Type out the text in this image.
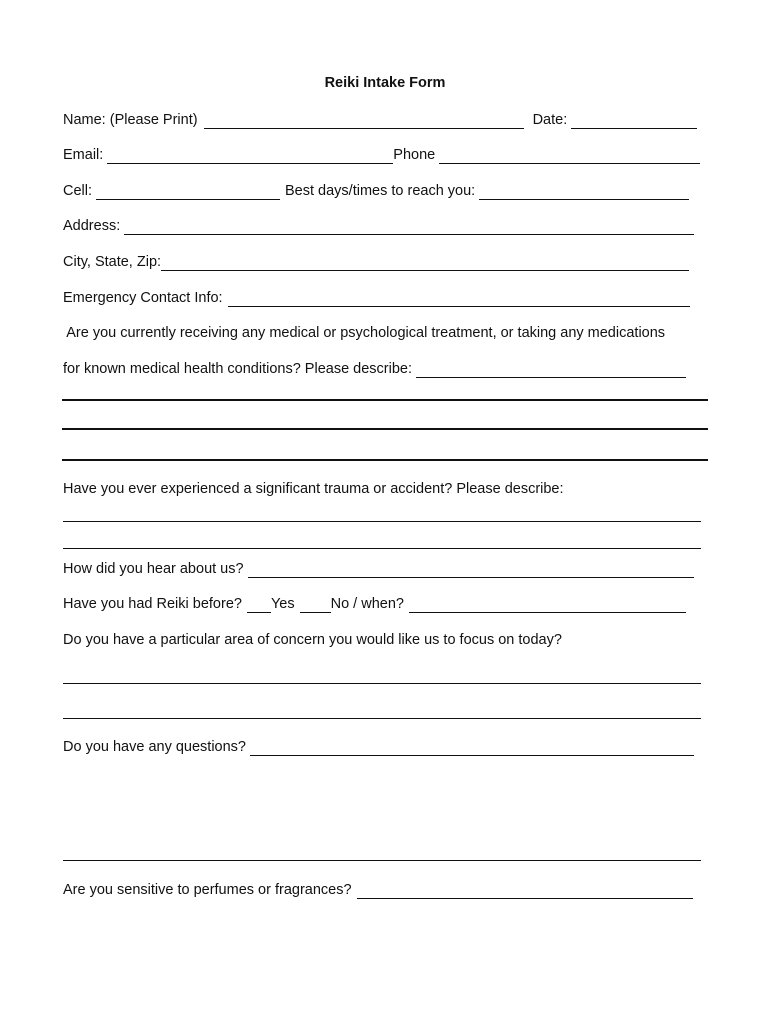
Reiki Intake Form
Name: (Please Print)	Date:
Email:	Phone
Cell:	Best days/times to reach you:
Address:
City, State, Zip:
Emergency Contact Info:
Are you currently receiving any medical or psychological treatment, or taking any medications
for known medical health conditions? Please describe:
Have you ever experienced a significant trauma or accident? Please describe:
How did you hear about us?
Have you had Reiki before? Yes No / when?
Do you have a particular area of concern you would like us to focus on today?
Do you have any questions?
Are you sensitive to perfumes or fragrances?
